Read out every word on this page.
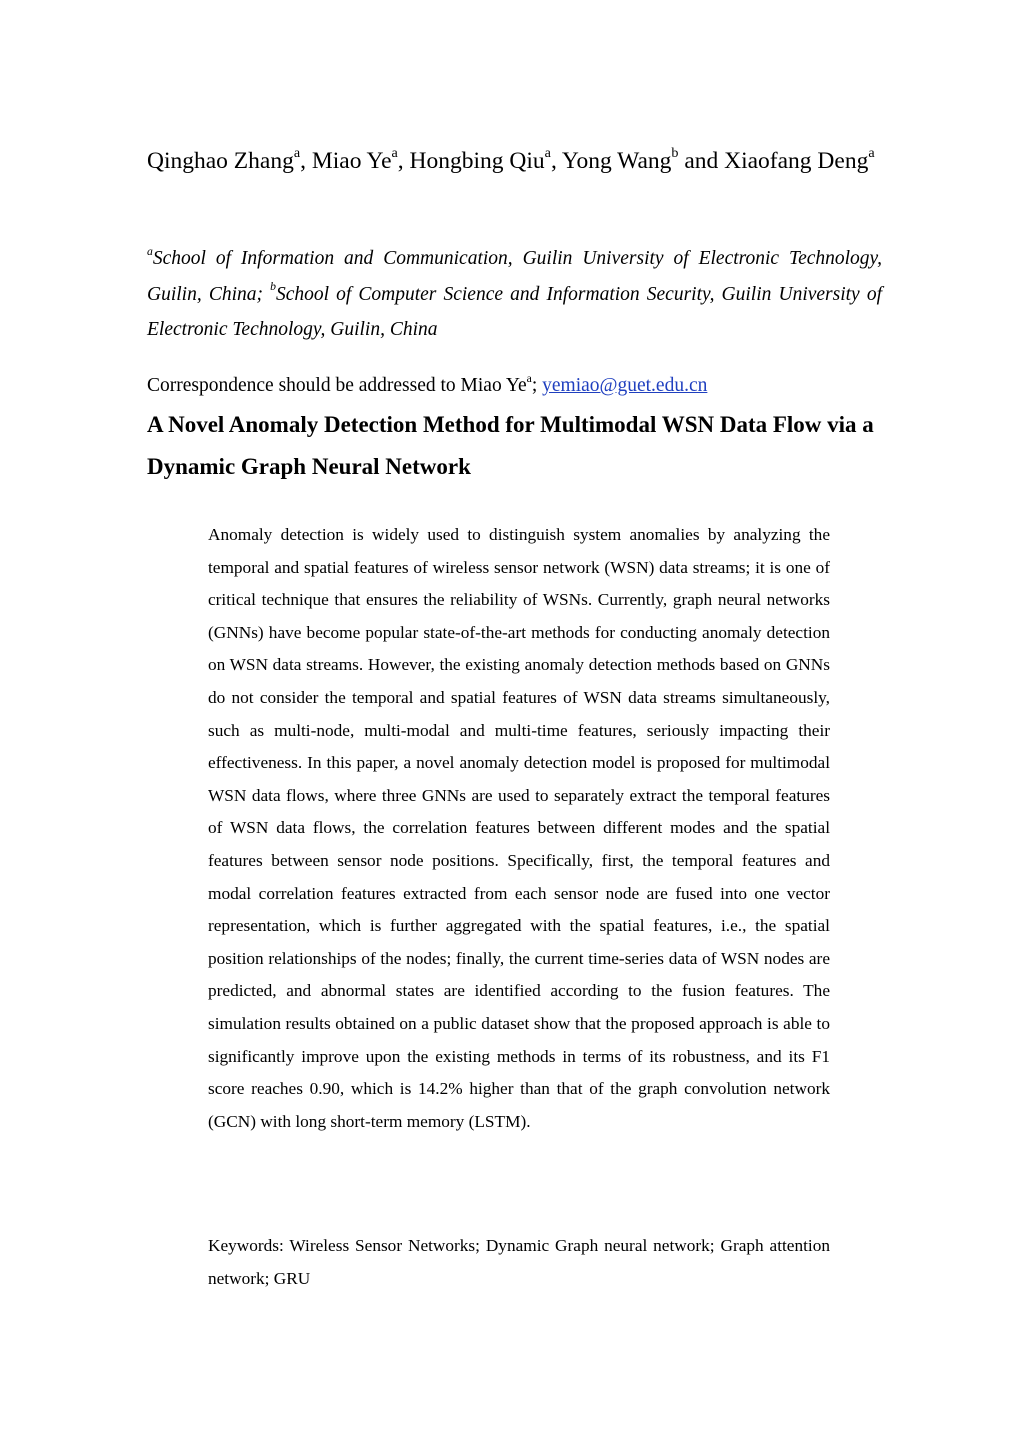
Qinghao Zhang$^a$, Miao Ye$^a$, Hongbing Qiu$^a$, Yong Wang$^b$ and Xiaofang Deng$^a$
$^a$School of Information and Communication, Guilin University of Electronic Technology, Guilin, China; $^b$School of Computer Science and Information Security, Guilin University of Electronic Technology, Guilin, China
Correspondence should be addressed to Miao Ye$^a$; yemiao@guet.edu.cn
A Novel Anomaly Detection Method for Multimodal WSN Data Flow via a Dynamic Graph Neural Network

Anomaly detection is widely used to distinguish system anomalies by analyzing the temporal and spatial features of wireless sensor network (WSN) data streams; it is one of critical technique that ensures the reliability of WSNs. Currently, graph neural networks (GNNs) have become popular state-of-the-art methods for conducting anomaly detection on WSN data streams. However, the existing anomaly detection methods based on GNNs do not consider the temporal and spatial features of WSN data streams simultaneously, such as multi-node, multi-modal and multi-time features, seriously impacting their effectiveness. In this paper, a novel anomaly detection model is proposed for multimodal WSN data flows, where three GNNs are used to separately extract the temporal features of WSN data flows, the correlation features between different modes and the spatial features between sensor node positions. Specifically, first, the temporal features and modal correlation features extracted from each sensor node are fused into one vector representation, which is further aggregated with the spatial features, i.e., the spatial position relationships of the nodes; finally, the current time-series data of WSN nodes are predicted, and abnormal states are identified according to the fusion features. The simulation results obtained on a public dataset show that the proposed approach is able to significantly improve upon the existing methods in terms of its robustness, and its F1 score reaches 0.90, which is 14.2% higher than that of the graph convolution network (GCN) with long short-term memory (LSTM).

Keywords: Wireless Sensor Networks; Dynamic Graph neural network; Graph attention network; GRU
